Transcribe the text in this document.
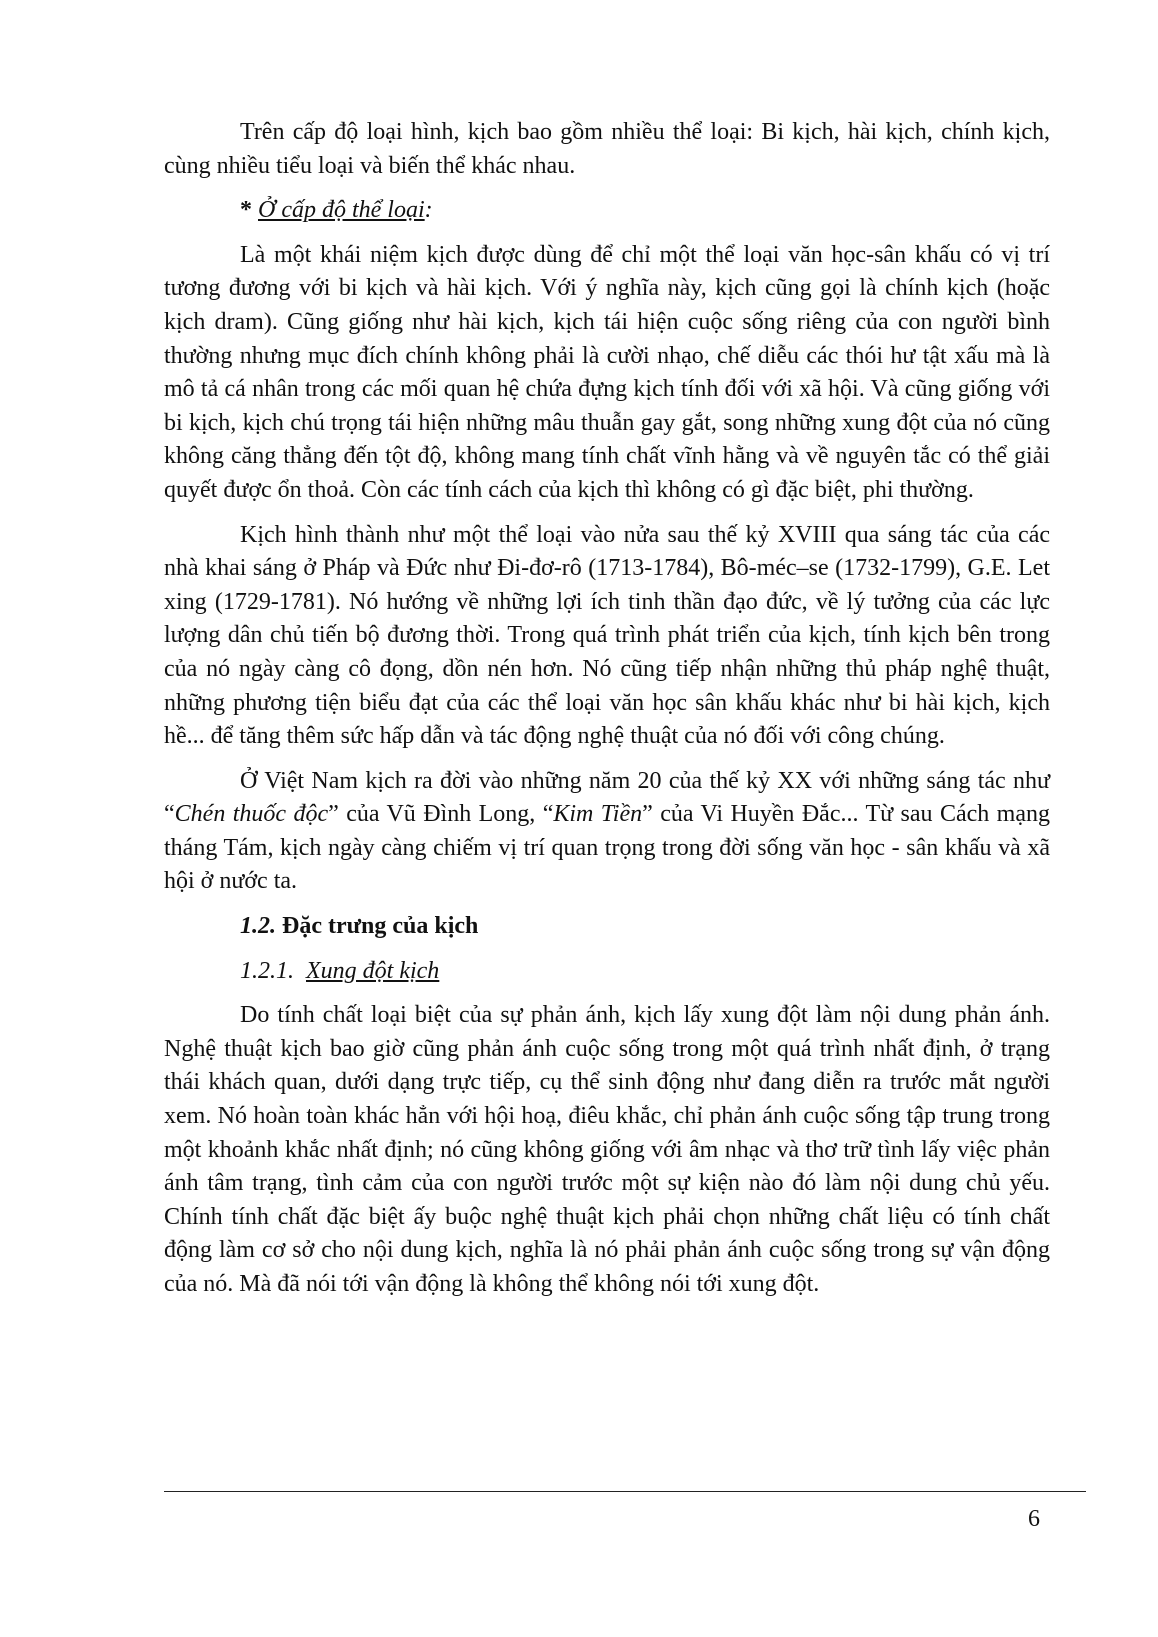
Trên cấp độ loại hình, kịch bao gồm nhiều thể loại: Bi kịch, hài kịch, chính kịch, cùng nhiều tiểu loại và biến thể khác nhau.

* Ở cấp độ thể loại:

Là một khái niệm kịch được dùng để chỉ một thể loại văn học-sân khấu có vị trí tương đương với bi kịch và hài kịch. Với ý nghĩa này, kịch cũng gọi là chính kịch (hoặc kịch dram). Cũng giống như hài kịch, kịch tái hiện cuộc sống riêng của con người bình thường nhưng mục đích chính không phải là cười nhạo, chế diễu các thói hư tật xấu mà là mô tả cá nhân trong các mối quan hệ chứa đựng kịch tính đối với xã hội. Và cũng giống với bi kịch, kịch chú trọng tái hiện những mâu thuẫn gay gắt, song những xung đột của nó cũng không căng thẳng đến tột độ, không mang tính chất vĩnh hằng và về nguyên tắc có thể giải quyết được ổn thoả. Còn các tính cách của kịch thì không có gì đặc biệt, phi thường.

Kịch hình thành như một thể loại vào nửa sau thế kỷ XVIII qua sáng tác của các nhà khai sáng ở Pháp và Đức như Đi-đơ-rô (1713-1784), Bô-méc–se (1732-1799), G.E. Let xing (1729-1781). Nó hướng về những lợi ích tinh thần đạo đức, về lý tưởng của các lực lượng dân chủ tiến bộ đương thời. Trong quá trình phát triển của kịch, tính kịch bên trong của nó ngày càng cô đọng, dồn nén hơn. Nó cũng tiếp nhận những thủ pháp nghệ thuật, những phương tiện biểu đạt của các thể loại văn học sân khấu khác như bi hài kịch, kịch hề... để tăng thêm sức hấp dẫn và tác động nghệ thuật của nó đối với công chúng.

Ở Việt Nam kịch ra đời vào những năm 20 của thế kỷ XX với những sáng tác như “Chén thuốc độc” của Vũ Đình Long, “Kim Tiền” của Vi Huyền Đắc... Từ sau Cách mạng tháng Tám, kịch ngày càng chiếm vị trí quan trọng trong đời sống văn học - sân khấu và xã hội ở nước ta.

1.2. Đặc trưng của kịch
1.2.1. Xung đột kịch

Do tính chất loại biệt của sự phản ánh, kịch lấy xung đột làm nội dung phản ánh. Nghệ thuật kịch bao giờ cũng phản ánh cuộc sống trong một quá trình nhất định, ở trạng thái khách quan, dưới dạng trực tiếp, cụ thể sinh động như đang diễn ra trước mắt người xem. Nó hoàn toàn khác hẳn với hội hoạ, điêu khắc, chỉ phản ánh cuộc sống tập trung trong một khoảnh khắc nhất định; nó cũng không giống với âm nhạc và thơ trữ tình lấy việc phản ánh tâm trạng, tình cảm của con người trước một sự kiện nào đó làm nội dung chủ yếu. Chính tính chất đặc biệt ấy buộc nghệ thuật kịch phải chọn những chất liệu có tính chất động làm cơ sở cho nội dung kịch, nghĩa là nó phải phản ánh cuộc sống trong sự vận động của nó. Mà đã nói tới vận động là không thể không nói tới xung đột.

6
